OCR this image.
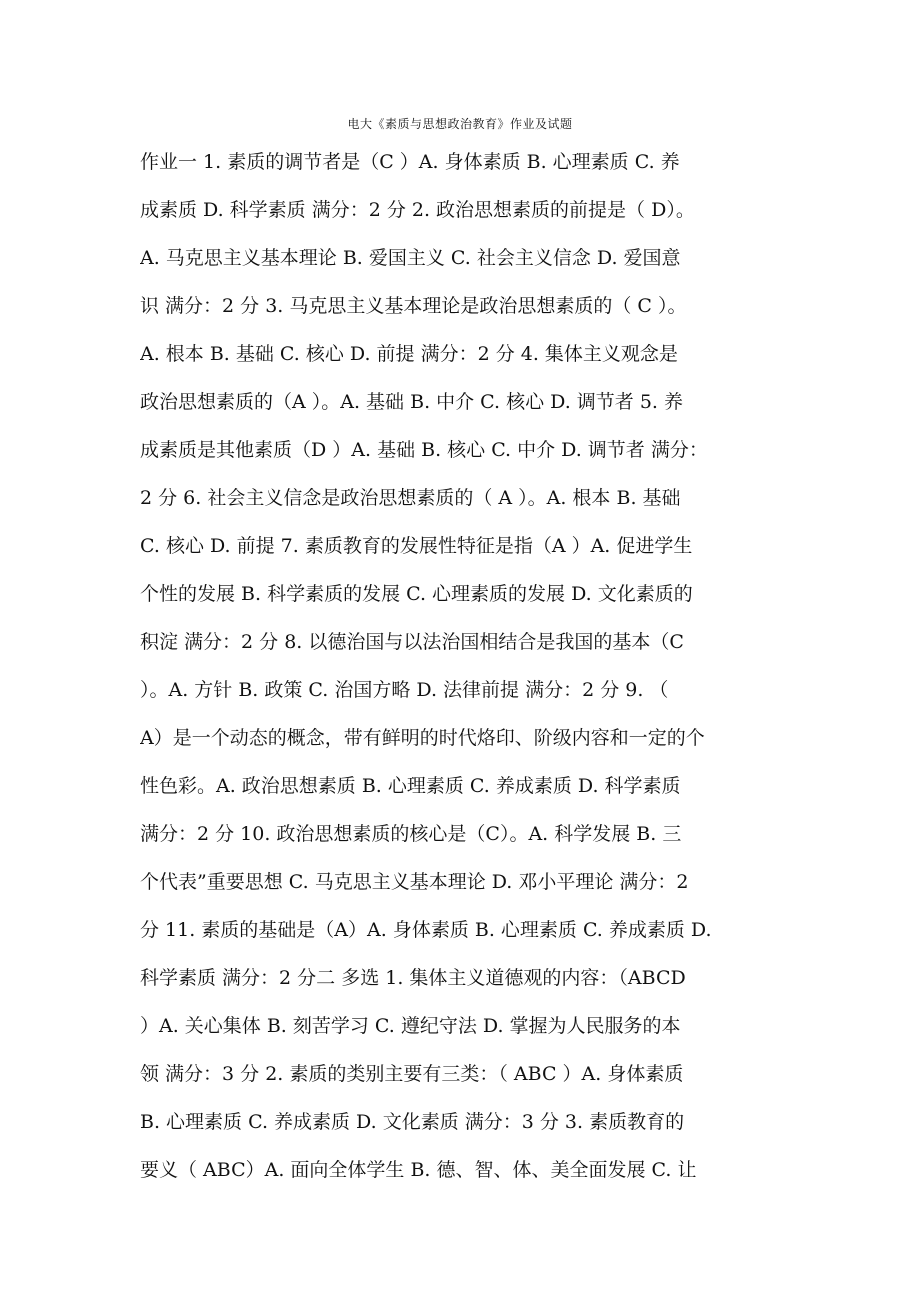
电大《素质与思想政治教育》作业及试题
作业一 1. 素质的调节者是（C ）A. 身体素质 B. 心理素质 C. 养
成素质 D. 科学素质 满分：2 分 2. 政治思想素质的前提是（ D）。
A. 马克思主义基本理论 B. 爱国主义 C. 社会主义信念 D. 爱国意
识 满分：2 分 3. 马克思主义基本理论是政治思想素质的（ C ）。
A. 根本 B. 基础 C. 核心 D. 前提 满分：2 分 4. 集体主义观念是
政治思想素质的（A ）。A. 基础 B. 中介 C. 核心 D. 调节者 5. 养
成素质是其他素质（D ）A. 基础 B. 核心 C. 中介 D. 调节者 满分：
2 分 6. 社会主义信念是政治思想素质的（ A ）。A. 根本 B. 基础
C. 核心 D. 前提 7. 素质教育的发展性特征是指（A ）A. 促进学生
个性的发展 B. 科学素质的发展 C. 心理素质的发展 D. 文化素质的
积淀 满分：2 分 8. 以德治国与以法治国相结合是我国的基本（C
）。A. 方针 B. 政策 C. 治国方略 D. 法律前提 满分：2 分 9. （
A）是一个动态的概念，带有鲜明的时代烙印、阶级内容和一定的个
性色彩。A. 政治思想素质 B. 心理素质 C. 养成素质 D. 科学素质
满分：2 分 10. 政治思想素质的核心是（C）。A. 科学发展 B. 三
个代表”重要思想 C. 马克思主义基本理论 D. 邓小平理论 满分：2
分 11. 素质的基础是（A）A. 身体素质 B. 心理素质 C. 养成素质 D.
科学素质 满分：2 分二 多选 1. 集体主义道德观的内容：（ABCD
）A. 关心集体 B. 刻苦学习 C. 遵纪守法 D. 掌握为人民服务的本
领 满分：3 分 2. 素质的类别主要有三类：（ ABC ）A. 身体素质
B. 心理素质 C. 养成素质 D. 文化素质 满分：3 分 3. 素质教育的
要义（ ABC）A. 面向全体学生 B. 德、智、体、美全面发展 C. 让
